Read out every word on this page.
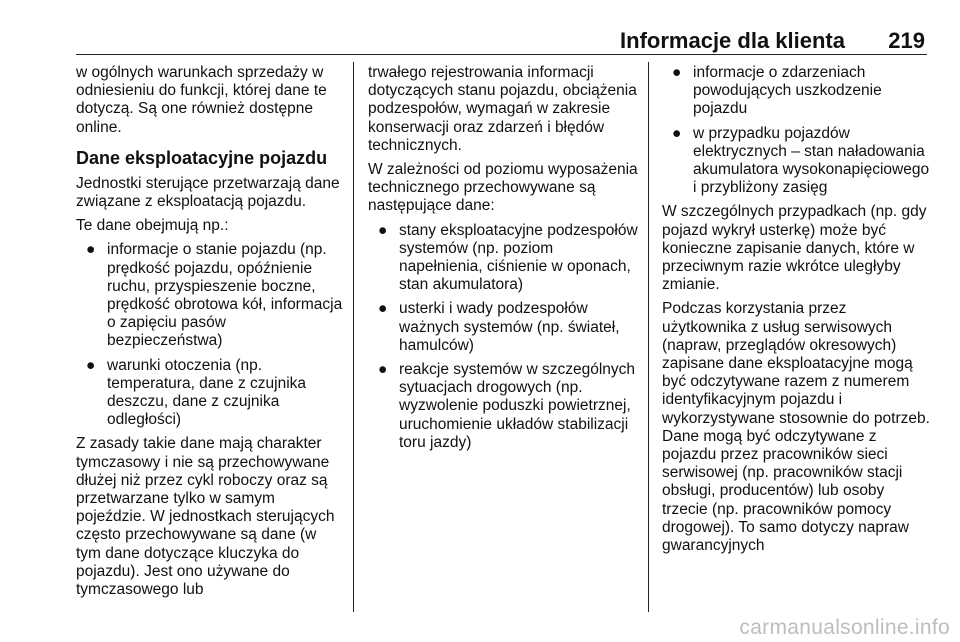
Informacje dla klienta 219

w ogólnych warunkach sprzedaży w odniesieniu do funkcji, której dane te dotyczą. Są one również dostępne online.

Dane eksploatacyjne pojazdu

Jednostki sterujące przetwarzają dane związane z eksploatacją pojazdu.

Te dane obejmują np.:

● informacje o stanie pojazdu (np. prędkość pojazdu, opóźnienie ruchu, przyspieszenie boczne, prędkość obrotowa kół, informacja o zapięciu pasów bezpieczeństwa)
● warunki otoczenia (np. temperatura, dane z czujnika deszczu, dane z czujnika odległości)

Z zasady takie dane mają charakter tymczasowy i nie są przechowywane dłużej niż przez cykl roboczy oraz są przetwarzane tylko w samym pojeździe. W jednostkach sterujących często przechowywane są dane (w tym dane dotyczące kluczyka do pojazdu). Jest ono używane do tymczasowego lub

trwałego rejestrowania informacji dotyczących stanu pojazdu, obciążenia podzespołów, wymagań w zakresie konserwacji oraz zdarzeń i błędów technicznych.

W zależności od poziomu wyposażenia technicznego przechowywane są następujące dane:

● stany eksploatacyjne podzespołów systemów (np. poziom napełnienia, ciśnienie w oponach, stan akumulatora)
● usterki i wady podzespołów ważnych systemów (np. świateł, hamulców)
● reakcje systemów w szczególnych sytuacjach drogowych (np. wyzwolenie poduszki powietrznej, uruchomienie układów stabilizacji toru jazdy)
● informacje o zdarzeniach powodujących uszkodzenie pojazdu
● w przypadku pojazdów elektrycznych – stan naładowania akumulatora wysokonapięciowego i przybliżony zasięg

W szczególnych przypadkach (np. gdy pojazd wykrył usterkę) może być konieczne zapisanie danych, które w przeciwnym razie wkrótce uległyby zmianie.

Podczas korzystania przez użytkownika z usług serwisowych (napraw, przeglądów okresowych) zapisane dane eksploatacyjne mogą być odczytywane razem z numerem identyfikacyjnym pojazdu i wykorzystywane stosownie do potrzeb. Dane mogą być odczytywane z pojazdu przez pracowników sieci serwisowej (np. pracowników stacji obsługi, producentów) lub osoby trzecie (np. pracowników pomocy drogowej). To samo dotyczy napraw gwarancyjnych

carmanualsonline.info
